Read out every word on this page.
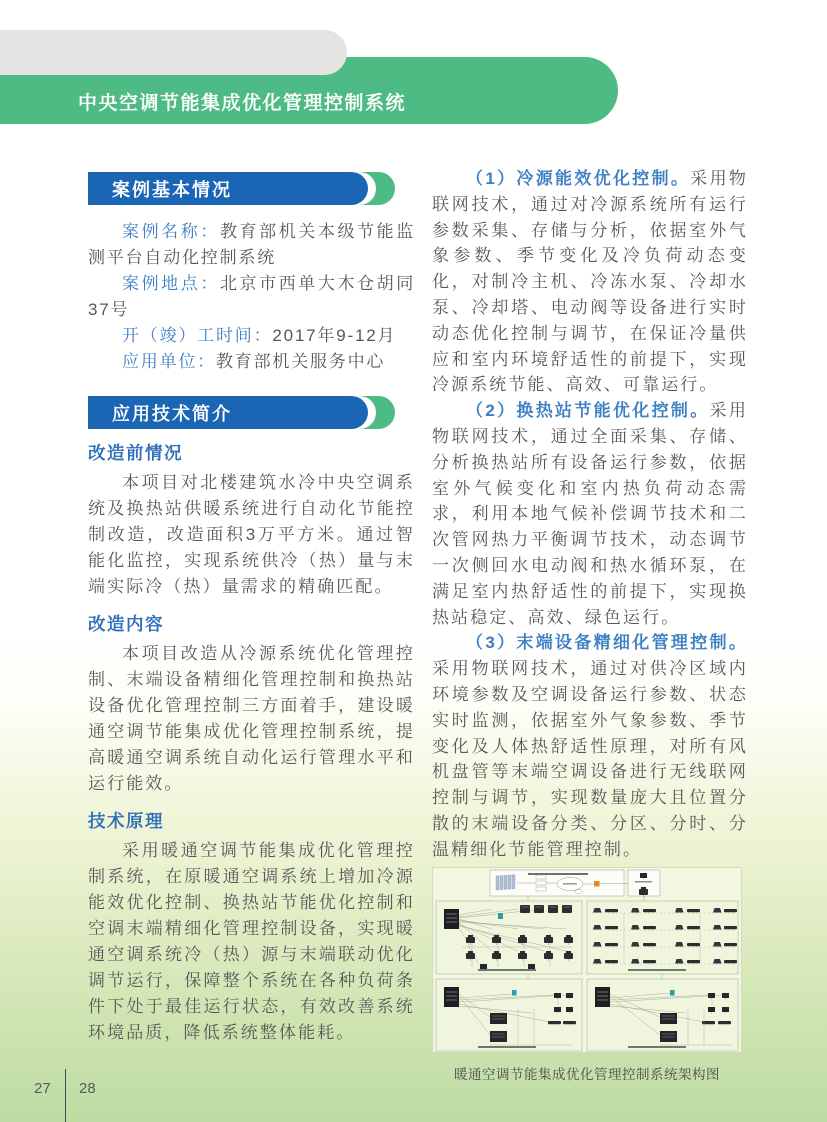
中央空调节能集成优化管理控制系统
案例基本情况

案例名称：教育部机关本级节能监测平台自动化控制系统

案例地点：北京市西单大木仓胡同37号

开（竣）工时间：2017年9-12月

应用单位：教育部机关服务中心

应用技术简介
改造前情况

本项目对北楼建筑水冷中央空调系统及换热站供暖系统进行自动化节能控制改造，改造面积3万平方米。通过智能化监控，实现系统供冷（热）量与末端实际冷（热）量需求的精确匹配。

改造内容

本项目改造从冷源系统优化管理控制、末端设备精细化管理控制和换热站设备优化管理控制三方面着手，建设暖通空调节能集成优化管理控制系统，提高暖通空调系统自动化运行管理水平和运行能效。

技术原理

采用暖通空调节能集成优化管理控制系统，在原暖通空调系统上增加冷源能效优化控制、换热站节能优化控制和空调末端精细化管理控制设备，实现暖通空调系统冷（热）源与末端联动优化调节运行，保障整个系统在各种负荷条件下处于最佳运行状态，有效改善系统环境品质，降低系统整体能耗。

（1）冷源能效优化控制。采用物联网技术，通过对冷源系统所有运行参数采集、存储与分析，依据室外气象参数、季节变化及冷负荷动态变化，对制冷主机、冷冻水泵、冷却水泵、冷却塔、电动阀等设备进行实时动态优化控制与调节，在保证冷量供应和室内环境舒适性的前提下，实现冷源系统节能、高效、可靠运行。

（2）换热站节能优化控制。采用物联网技术，通过全面采集、存储、分析换热站所有设备运行参数，依据室外气候变化和室内热负荷动态需求，利用本地气候补偿调节技术和二次管网热力平衡调节技术，动态调节一次侧回水电动阀和热水循环泵，在满足室内热舒适性的前提下，实现换热站稳定、高效、绿色运行。

（3）末端设备精细化管理控制。采用物联网技术，通过对供冷区域内环境参数及空调设备运行参数、状态实时监测，依据室外气象参数、季节变化及人体热舒适性原理，对所有风机盘管等末端空调设备进行无线联网控制与调节，实现数量庞大且位置分散的末端设备分类、分区、分时、分温精细化节能管理控制。

暖通空调节能集成优化管理控制系统架构图
27 28
